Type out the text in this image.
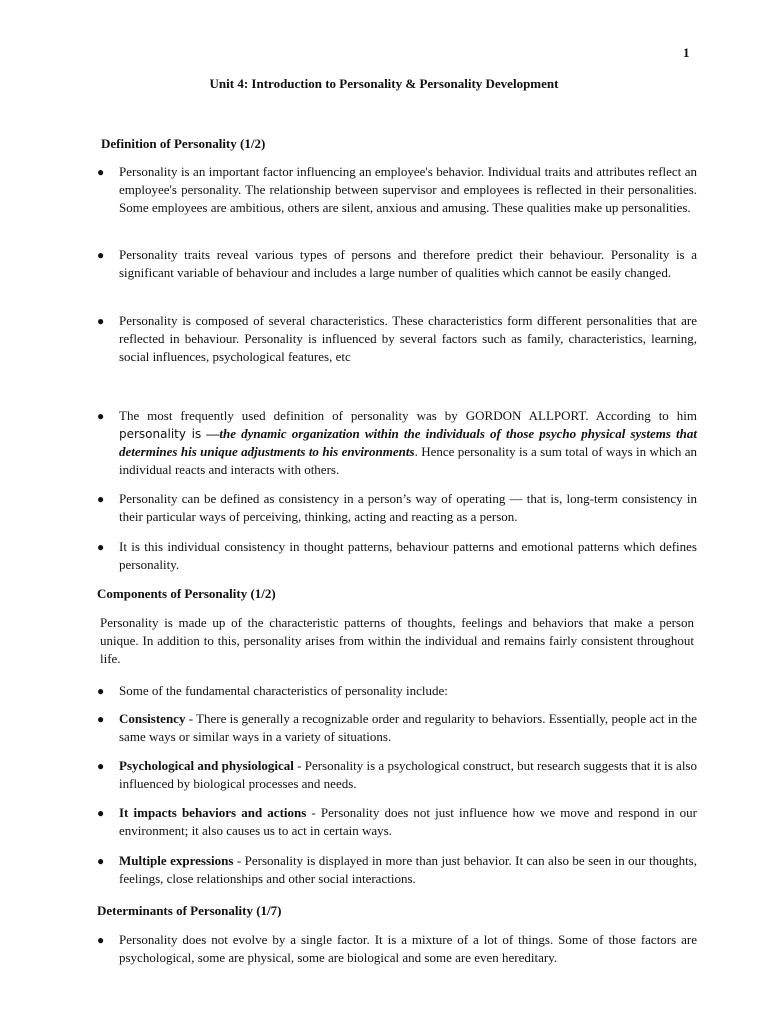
1
Unit 4: Introduction to Personality & Personality Development
Definition of Personality (1/2)
● Personality is an important factor influencing an employee's behavior. Individual traits and attributes reflect an employee's personality. The relationship between supervisor and employees is reflected in their personalities. Some employees are ambitious, others are silent, anxious and amusing. These qualities make up personalities.
● Personality traits reveal various types of persons and therefore predict their behaviour. Personality is a significant variable of behaviour and includes a large number of qualities which cannot be easily changed.
● Personality is composed of several characteristics. These characteristics form different personalities that are reflected in behaviour. Personality is influenced by several factors such as family, characteristics, learning, social influences, psychological features, etc
● The most frequently used definition of personality was by GORDON ALLPORT. According to him personality is —the dynamic organization within the individuals of those psycho physical systems that determines his unique adjustments to his environments. Hence personality is a sum total of ways in which an individual reacts and interacts with others.
● Personality can be defined as consistency in a person’s way of operating — that is, long-term consistency in their particular ways of perceiving, thinking, acting and reacting as a person.
● It is this individual consistency in thought patterns, behaviour patterns and emotional patterns which defines personality.
Components of Personality (1/2)
Personality is made up of the characteristic patterns of thoughts, feelings and behaviors that make a person unique. In addition to this, personality arises from within the individual and remains fairly consistent throughout life.
● Some of the fundamental characteristics of personality include:
● Consistency - There is generally a recognizable order and regularity to behaviors. Essentially, people act in the same ways or similar ways in a variety of situations.
● Psychological and physiological - Personality is a psychological construct, but research suggests that it is also influenced by biological processes and needs.
● It impacts behaviors and actions - Personality does not just influence how we move and respond in our environment; it also causes us to act in certain ways.
● Multiple expressions - Personality is displayed in more than just behavior. It can also be seen in our thoughts, feelings, close relationships and other social interactions.
Determinants of Personality (1/7)
● Personality does not evolve by a single factor. It is a mixture of a lot of things. Some of those factors are psychological, some are physical, some are biological and some are even hereditary.
